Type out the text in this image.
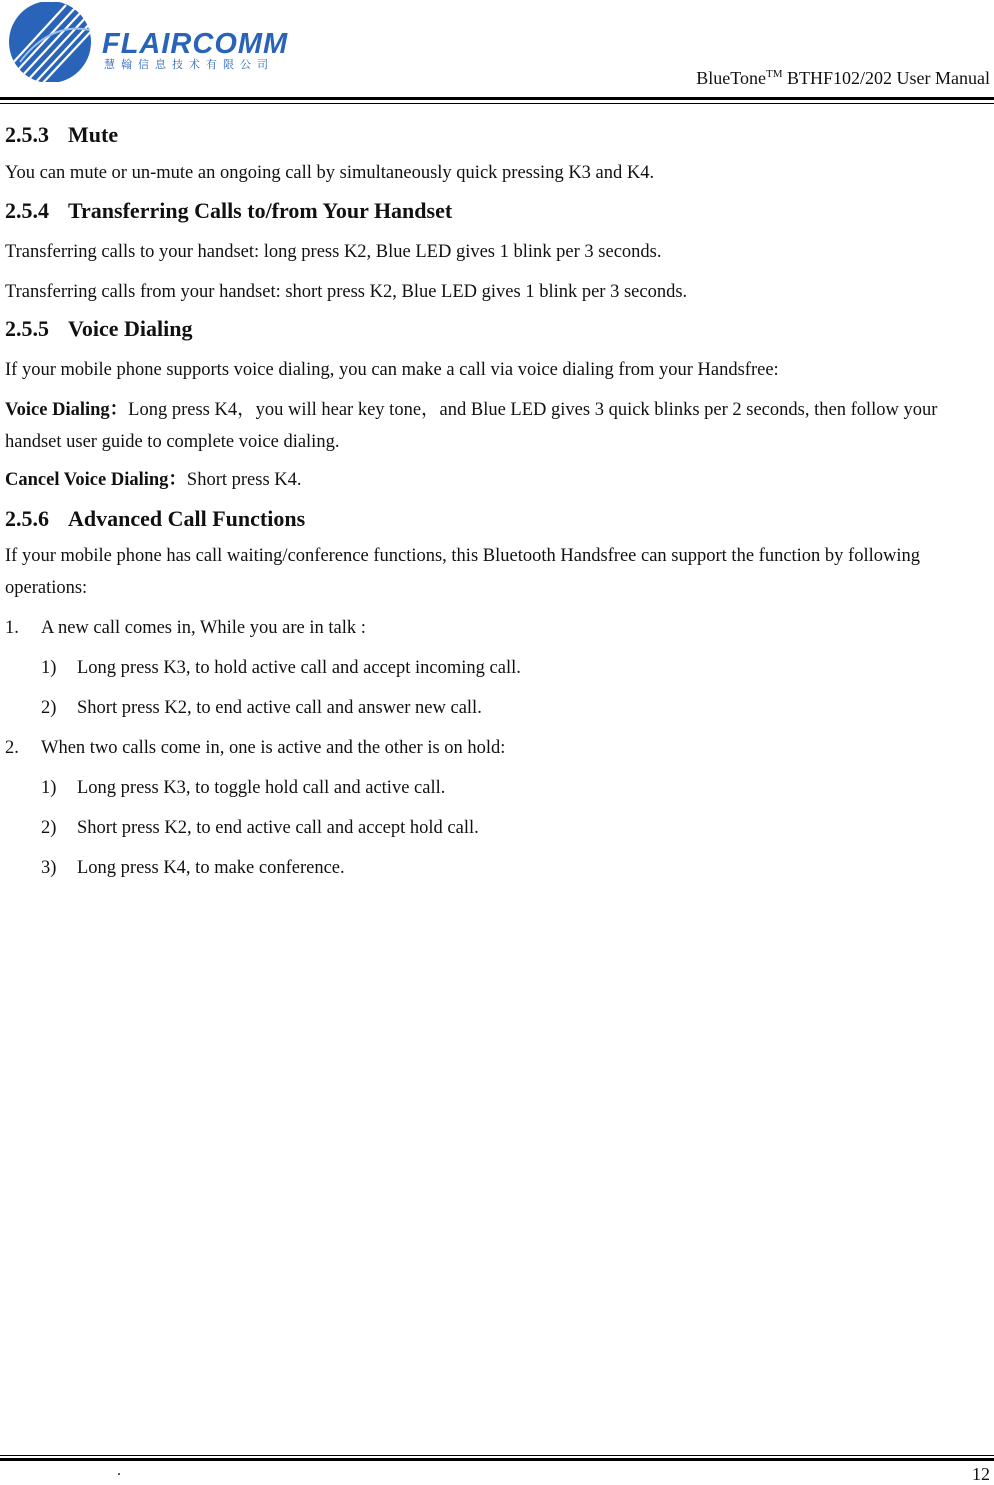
FLAIRCOMM
慧翰信息技术有限公司
BlueTone™ BTHF102/202 User Manual
2.5.3 Mute

You can mute or un-mute an ongoing call by simultaneously quick pressing K3 and K4.

2.5.4 Transferring Calls to/from Your Handset

Transferring calls to your handset: long press K2, Blue LED gives 1 blink per 3 seconds.

Transferring calls from your handset: short press K2, Blue LED gives 1 blink per 3 seconds.

2.5.5 Voice Dialing

If your mobile phone supports voice dialing, you can make a call via voice dialing from your Handsfree:

Voice Dialing：Long press K4，you will hear key tone，and Blue LED gives 3 quick blinks per 2 seconds, then follow your handset user guide to complete voice dialing.

Cancel Voice Dialing：Short press K4.

2.5.6 Advanced Call Functions

If your mobile phone has call waiting/conference functions, this Bluetooth Handsfree can support the function by following operations:

1.	A new call comes in, While you are in talk :
1)	Long press K3, to hold active call and accept incoming call.
2)	Short press K2, to end active call and answer new call.
2.	When two calls come in, one is active and the other is on hold:
1)	Long press K3, to toggle hold call and active call.
2)	Short press K2, to end active call and accept hold call.
3)	Long press K4, to make conference.
.	12
